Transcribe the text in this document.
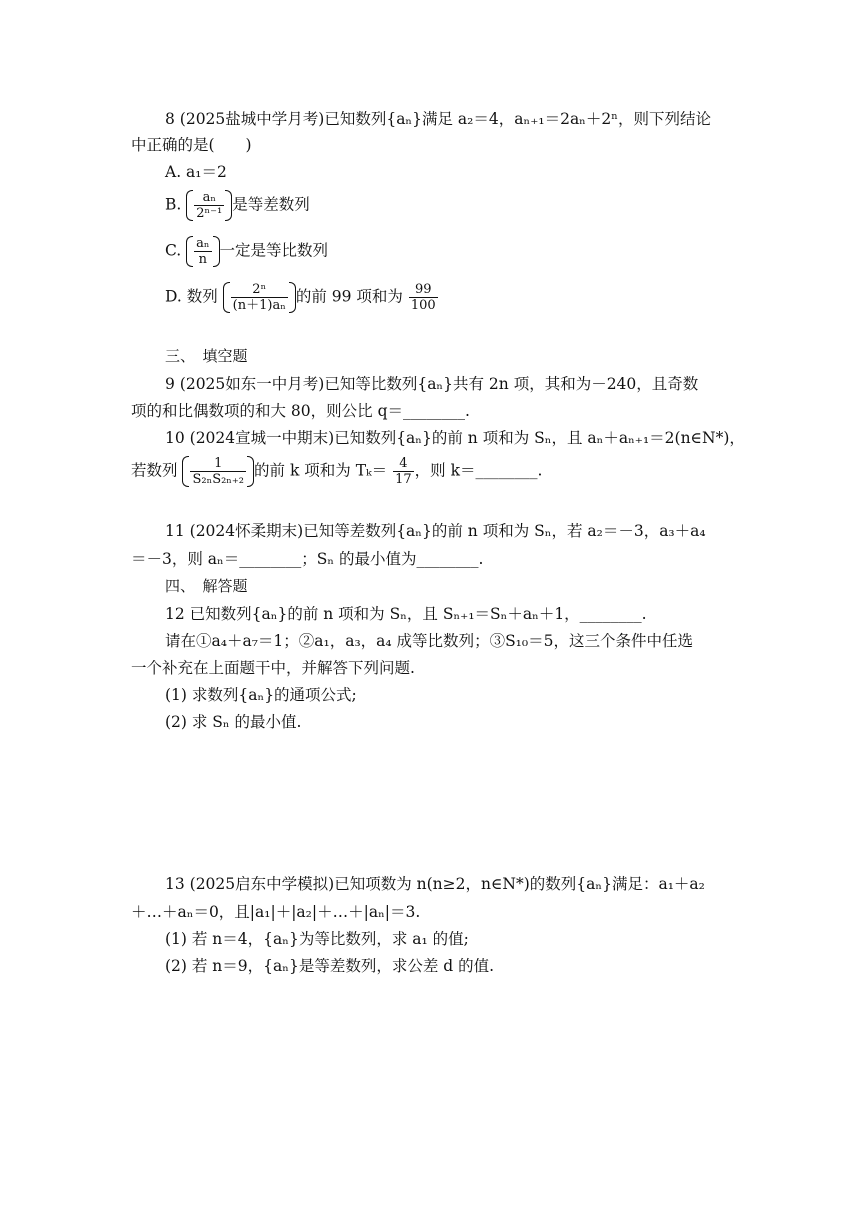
8 (2025盐城中学月考)已知数列{aₙ}满足 a₂＝4，aₙ₊₁＝2aₙ＋2ⁿ，则下列结论
中正确的是(　　)
A. a₁＝2
B. $\frac{\text{aₙ}}{\text{2ⁿ⁻¹}}$ 是等差数列
C. $\frac{\text{aₙ}}{n}$ 一定是等比数列
D. 数列 $\frac{\text{2ⁿ}}{\text{(n＋1)aₙ}}$ 的前 99 项和为 $\frac{99}{100}$
三、　填空题
9 (2025如东一中月考)已知等比数列{aₙ}共有 2n 项，其和为－240，且奇数
项的和比偶数项的和大 80，则公比 q＝________.
10 (2024宣城一中期末)已知数列{aₙ}的前 n 项和为 Sₙ，且 aₙ＋aₙ₊₁＝2(n∈N*)，
若数列 $\frac{1}{\text{S₂ₙS₂ₙ₊₂}}$ 的前 k 项和为 $T_k= \frac{4}{17}$ ，则 k＝________.
11 (2024怀柔期末)已知等差数列{aₙ}的前 n 项和为 Sₙ，若 a₂＝－3，a₃＋a₄
＝－3，则 aₙ＝________；Sₙ 的最小值为________.
四、　解答题
12 已知数列{aₙ}的前 n 项和为 Sₙ，且 Sₙ₊₁＝Sₙ＋aₙ＋1，________.
请在①a₄＋a₇＝1；②a₁，a₃，a₄ 成等比数列；③S₁₀＝5，这三个条件中任选
一个补充在上面题干中，并解答下列问题.
(1) 求数列{aₙ}的通项公式;
(2) 求 Sₙ 的最小值.
13 (2025启东中学模拟)已知项数为 n(n≥2，n∈N*)的数列{aₙ}满足：a₁＋a₂
＋…＋aₙ＝0，且|a₁|＋|a₂|＋…＋|aₙ|＝3.
(1) 若 n＝4，{aₙ}为等比数列，求 a₁ 的值;
(2) 若 n＝9，{aₙ}是等差数列，求公差 d 的值.
